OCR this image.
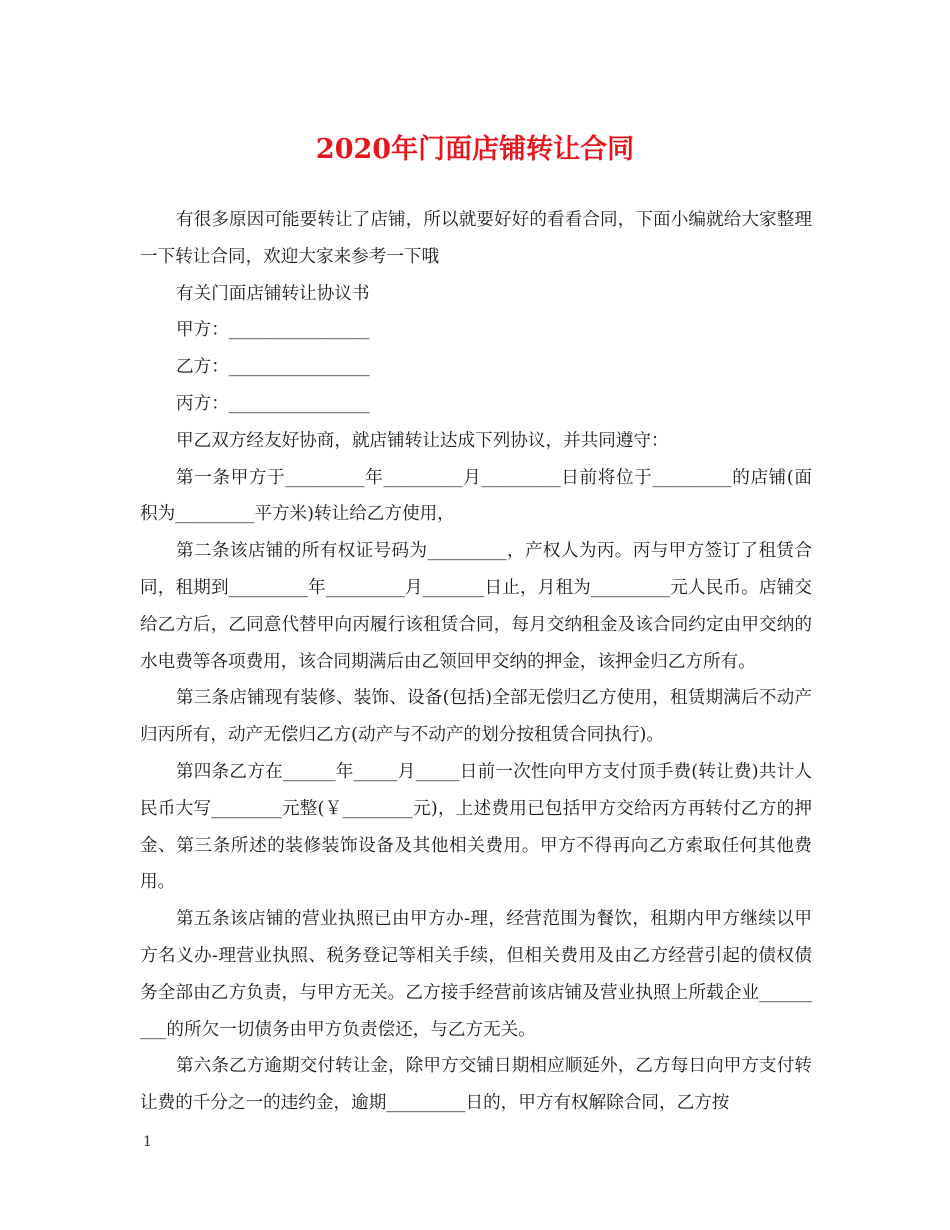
2020年门面店铺转让合同

有很多原因可能要转让了店铺，所以就要好好的看看合同，下面小编就给大家整理一下转让合同，欢迎大家来参考一下哦

有关门面店铺转让协议书

甲方：________________

乙方：________________

丙方：________________

甲乙双方经友好协商，就店铺转让达成下列协议，并共同遵守：

第一条甲方于_________年_________月_________日前将位于_________的店铺(面积为_________平方米)转让给乙方使用，

第二条该店铺的所有权证号码为_________，产权人为丙。丙与甲方签订了租赁合同，租期到_________年_________月_______日止，月租为_________元人民币。店铺交给乙方后，乙同意代替甲向丙履行该租赁合同，每月交纳租金及该合同约定由甲交纳的水电费等各项费用，该合同期满后由乙领回甲交纳的押金，该押金归乙方所有。

第三条店铺现有装修、装饰、设备(包括)全部无偿归乙方使用，租赁期满后不动产归丙所有，动产无偿归乙方(动产与不动产的划分按租赁合同执行)。

第四条乙方在______年_____月_____日前一次性向甲方支付顶手费(转让费)共计人民币大写________元整(￥________元)，上述费用已包括甲方交给丙方再转付乙方的押金、第三条所述的装修装饰设备及其他相关费用。甲方不得再向乙方索取任何其他费用。

第五条该店铺的营业执照已由甲方办-理，经营范围为餐饮，租期内甲方继续以甲方名义办-理营业执照、税务登记等相关手续，但相关费用及由乙方经营引起的债权债务全部由乙方负责，与甲方无关。乙方接手经营前该店铺及营业执照上所载企业_________的所欠一切债务由甲方负责偿还，与乙方无关。

第六条乙方逾期交付转让金，除甲方交铺日期相应顺延外，乙方每日向甲方支付转让费的千分之一的违约金，逾期_________日的，甲方有权解除合同，乙方按

1
